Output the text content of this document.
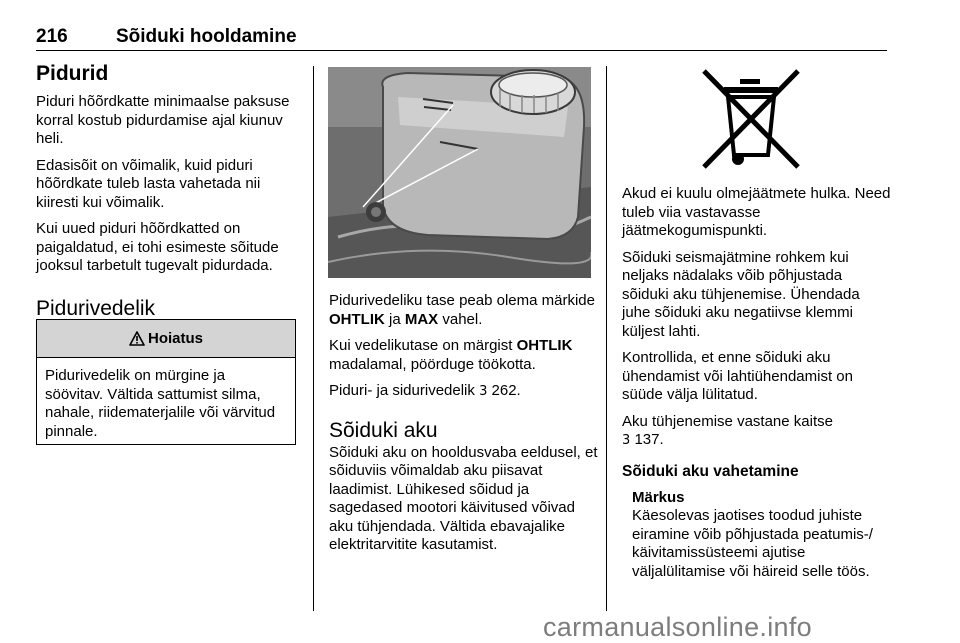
216	Sõiduki hooldamine
Pidurid

Piduri hõõrdkatte minimaalse paksuse korral kostub pidurdamise ajal kiunuv heli.

Edasisõit on võimalik, kuid piduri hõõrdkate tuleb lasta vahetada nii kiiresti kui võimalik.

Kui uued piduri hõõrdkatted on paigaldatud, ei tohi esimeste sõitude jooksul tarbetult tugevalt pidurdada.

Pidurivedelik
Hoiatus
Pidurivedelik on mürgine ja söövitav. Vältida sattumist silma, nahale, riidematerjalile või värvitud pinnale.

Pidurivedeliku tase peab olema märkide OHTLIK ja MAX vahel.

Kui vedelikutase on märgist OHTLIK madalamal, pöörduge töökotta.

Piduri- ja sidurivedelik 3 262.

Sõiduki aku

Sõiduki aku on hooldusvaba eeldusel, et sõiduviis võimaldab aku piisavat laadimist. Lühikesed sõidud ja sagedased mootori käivitused võivad aku tühjendada. Vältida ebavajalike elektritarvitite kasutamist.

Akud ei kuulu olmejäätmete hulka. Need tuleb viia vastavasse jäätmekogumispunkti.

Sõiduki seismajätmine rohkem kui neljaks nädalaks võib põhjustada sõiduki aku tühjenemise. Ühendada juhe sõiduki aku negatiivse klemmi küljest lahti.

Kontrollida, et enne sõiduki aku ühendamist või lahtiühendamist on süüde välja lülitatud.

Aku tühjenemise vastane kaitse
3 137.

Sõiduki aku vahetamine
Märkus
Käesolevas jaotises toodud juhiste eiramine võib põhjustada peatumis-/ käivitamissüsteemi ajutise väljalülitamise või häireid selle töös.
carmanualsonline.info
